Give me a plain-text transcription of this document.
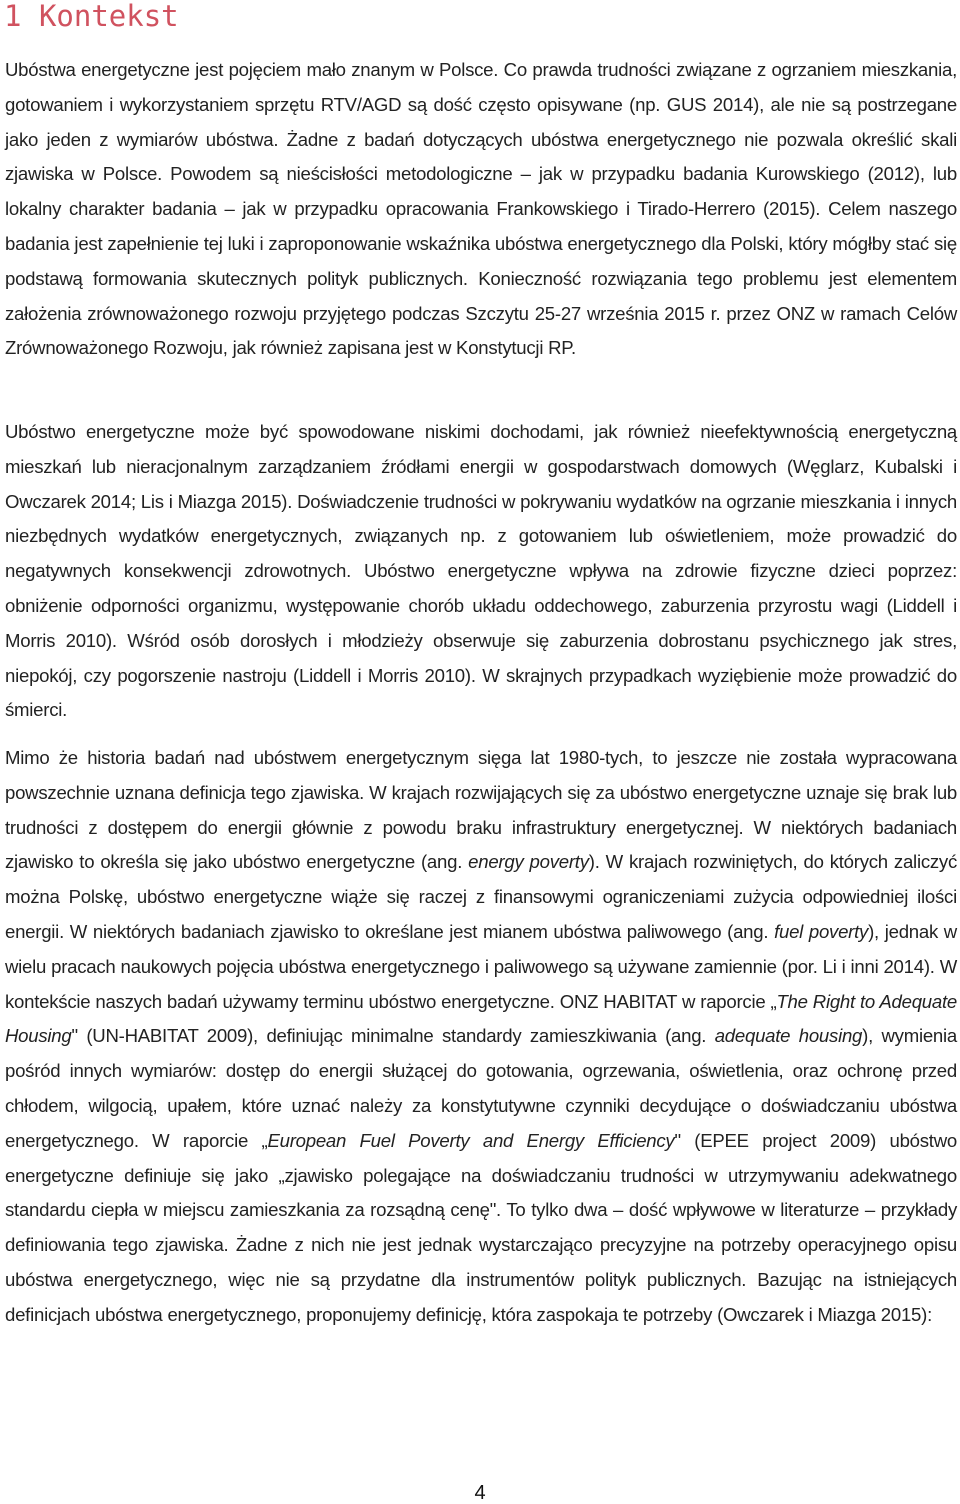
1 Kontekst

Ubóstwa energetyczne jest pojęciem mało znanym w Polsce. Co prawda trudności związane z ogrzaniem mieszkania, gotowaniem i wykorzystaniem sprzętu RTV/AGD są dość często opisywane (np. GUS 2014), ale nie są postrzegane jako jeden z wymiarów ubóstwa. Żadne z badań dotyczących ubóstwa energetycznego nie pozwala określić skali zjawiska w Polsce. Powodem są nieścisłości metodologiczne – jak w przypadku badania Kurowskiego (2012), lub lokalny charakter badania – jak w przypadku opracowania Frankowskiego i Tirado-Herrero (2015). Celem naszego badania jest zapełnienie tej luki i zaproponowanie wskaźnika ubóstwa energetycznego dla Polski, który mógłby stać się podstawą formowania skutecznych polityk publicznych. Konieczność rozwiązania tego problemu jest elementem założenia zrównoważonego rozwoju przyjętego podczas Szczytu 25-27 września 2015 r. przez ONZ w ramach Celów Zrównoważonego Rozwoju, jak również zapisana jest w Konstytucji RP.

Ubóstwo energetyczne może być spowodowane niskimi dochodami, jak również nieefektywnością energetyczną mieszkań lub nieracjonalnym zarządzaniem źródłami energii w gospodarstwach domowych (Węglarz, Kubalski i Owczarek 2014; Lis i Miazga 2015). Doświadczenie trudności w pokrywaniu wydatków na ogrzanie mieszkania i innych niezbędnych wydatków energetycznych, związanych np. z gotowaniem lub oświetleniem, może prowadzić do negatywnych konsekwencji zdrowotnych. Ubóstwo energetyczne wpływa na zdrowie fizyczne dzieci poprzez: obniżenie odporności organizmu, występowanie chorób układu oddechowego, zaburzenia przyrostu wagi (Liddell i Morris 2010). Wśród osób dorosłych i młodzieży obserwuje się zaburzenia dobrostanu psychicznego jak stres, niepokój, czy pogorszenie nastroju (Liddell i Morris 2010). W skrajnych przypadkach wyziębienie może prowadzić do śmierci.

Mimo że historia badań nad ubóstwem energetycznym sięga lat 1980-tych, to jeszcze nie została wypracowana powszechnie uznana definicja tego zjawiska. W krajach rozwijających się za ubóstwo energetyczne uznaje się brak lub trudności z dostępem do energii głównie z powodu braku infrastruktury energetycznej. W niektórych badaniach zjawisko to określa się jako ubóstwo energetyczne (ang. energy poverty). W krajach rozwiniętych, do których zaliczyć można Polskę, ubóstwo energetyczne wiąże się raczej z finansowymi ograniczeniami zużycia odpowiedniej ilości energii. W niektórych badaniach zjawisko to określane jest mianem ubóstwa paliwowego (ang. fuel poverty), jednak w wielu pracach naukowych pojęcia ubóstwa energetycznego i paliwowego są używane zamiennie (por. Li i inni 2014). W kontekście naszych badań używamy terminu ubóstwo energetyczne. ONZ HABITAT w raporcie „The Right to Adequate Housing" (UN-HABITAT 2009), definiując minimalne standardy zamieszkiwania (ang. adequate housing), wymienia pośród innych wymiarów: dostęp do energii służącej do gotowania, ogrzewania, oświetlenia, oraz ochronę przed chłodem, wilgocią, upałem, które uznać należy za konstytutywne czynniki decydujące o doświadczaniu ubóstwa energetycznego. W raporcie „European Fuel Poverty and Energy Efficiency" (EPEE project 2009) ubóstwo energetyczne definiuje się jako „zjawisko polegające na doświadczaniu trudności w utrzymywaniu adekwatnego standardu ciepła w miejscu zamieszkania za rozsądną cenę". To tylko dwa – dość wpływowe w literaturze – przykłady definiowania tego zjawiska. Żadne z nich nie jest jednak wystarczająco precyzyjne na potrzeby operacyjnego opisu ubóstwa energetycznego, więc nie są przydatne dla instrumentów polityk publicznych. Bazując na istniejących definicjach ubóstwa energetycznego, proponujemy definicję, która zaspokaja te potrzeby (Owczarek i Miazga 2015):

4
